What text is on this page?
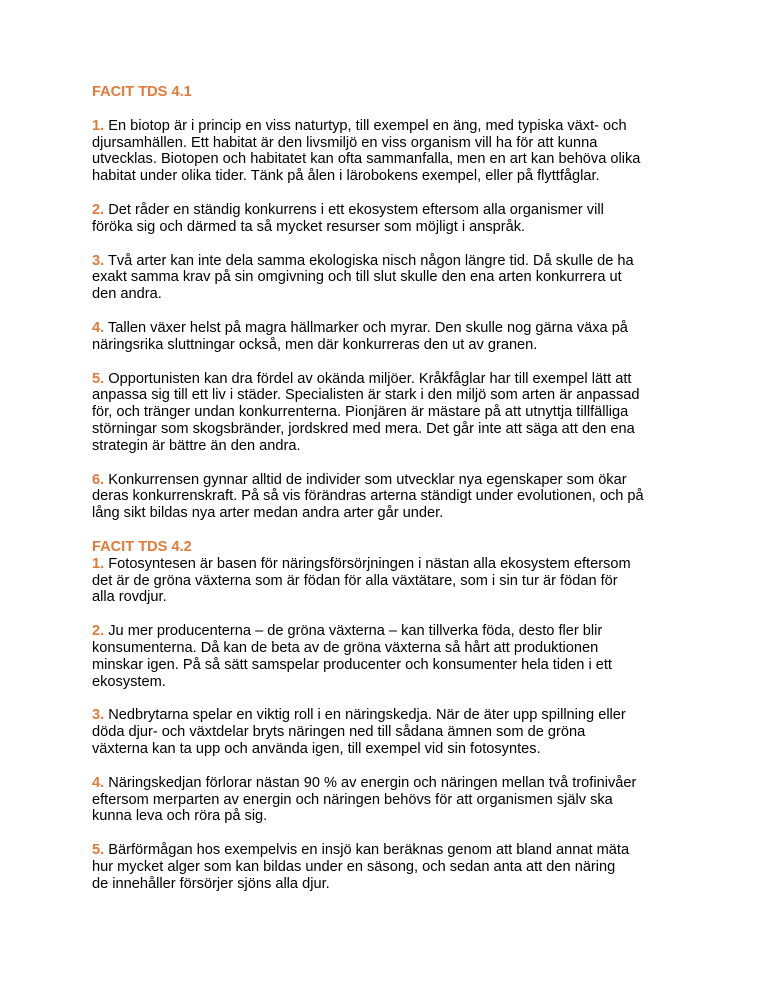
FACIT TDS 4.1

1. En biotop är i princip en viss naturtyp, till exempel en äng, med typiska växt- och
djursamhällen. Ett habitat är den livsmiljö en viss organism vill ha för att kunna
utvecklas. Biotopen och habitatet kan ofta sammanfalla, men en art kan behöva olika
habitat under olika tider. Tänk på ålen i lärobokens exempel, eller på flyttfåglar.

2. Det råder en ständig konkurrens i ett ekosystem eftersom alla organismer vill
föröka sig och därmed ta så mycket resurser som möjligt i anspråk.

3. Två arter kan inte dela samma ekologiska nisch någon längre tid. Då skulle de ha
exakt samma krav på sin omgivning och till slut skulle den ena arten konkurrera ut
den andra.

4. Tallen växer helst på magra hällmarker och myrar. Den skulle nog gärna växa på
näringsrika sluttningar också, men där konkurreras den ut av granen.

5. Opportunisten kan dra fördel av okända miljöer. Kråkfåglar har till exempel lätt att
anpassa sig till ett liv i städer. Specialisten är stark i den miljö som arten är anpassad
för, och tränger undan konkurrenterna. Pionjären är mästare på att utnyttja tillfälliga
störningar som skogsbränder, jordskred med mera. Det går inte att säga att den ena
strategin är bättre än den andra.

6. Konkurrensen gynnar alltid de individer som utvecklar nya egenskaper som ökar
deras konkurrenskraft. På så vis förändras arterna ständigt under evolutionen, och på
lång sikt bildas nya arter medan andra arter går under.

FACIT TDS 4.2

1. Fotosyntesen är basen för näringsförsörjningen i nästan alla ekosystem eftersom
det är de gröna växterna som är födan för alla växtätare, som i sin tur är födan för
alla rovdjur.

2. Ju mer producenterna – de gröna växterna – kan tillverka föda, desto fler blir
konsumenterna. Då kan de beta av de gröna växterna så hårt att produktionen
minskar igen. På så sätt samspelar producenter och konsumenter hela tiden i ett
ekosystem.

3. Nedbrytarna spelar en viktig roll i en näringskedja. När de äter upp spillning eller
döda djur- och växtdelar bryts näringen ned till sådana ämnen som de gröna
växterna kan ta upp och använda igen, till exempel vid sin fotosyntes.

4. Näringskedjan förlorar nästan 90 % av energin och näringen mellan två trofinivåer
eftersom merparten av energin och näringen behövs för att organismen själv ska
kunna leva och röra på sig.

5. Bärförmågan hos exempelvis en insjö kan beräknas genom att bland annat mäta
hur mycket alger som kan bildas under en säsong, och sedan anta att den näring
de innehåller försörjer sjöns alla djur.
